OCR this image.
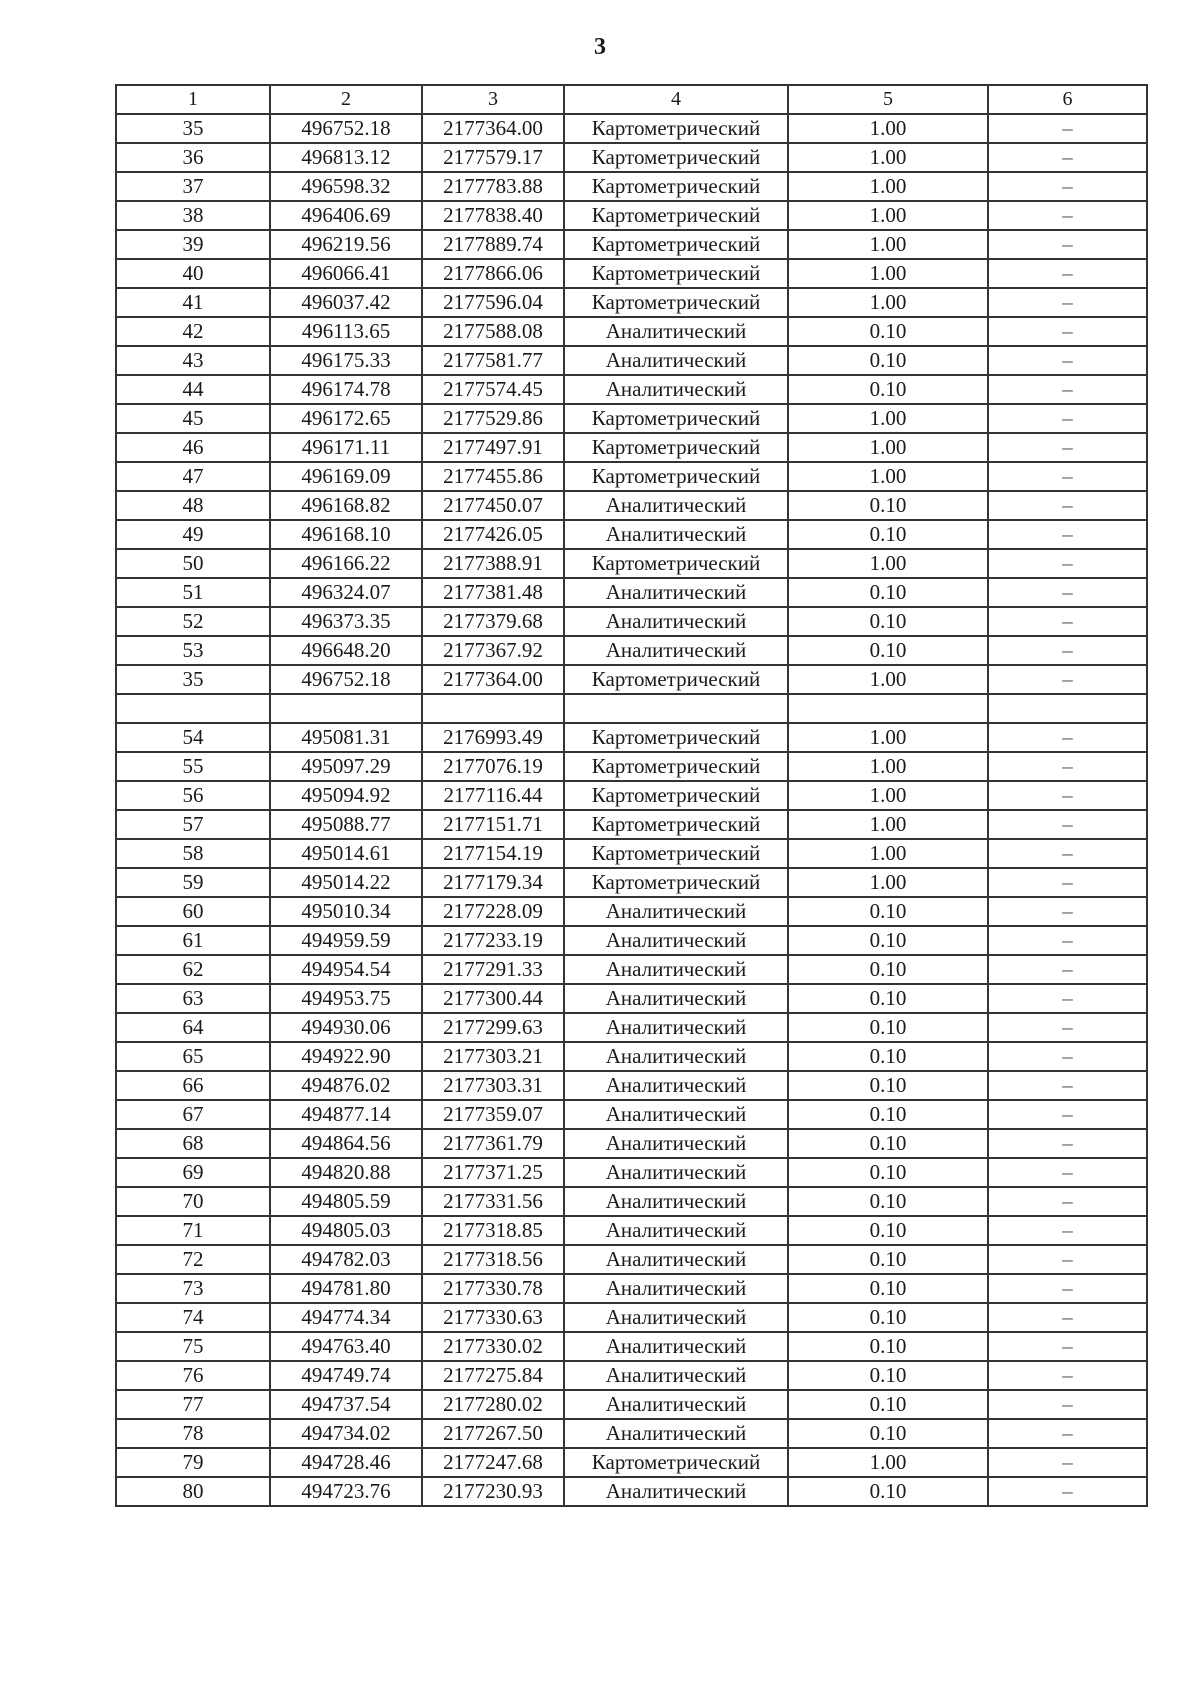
3
1	2	3	4	5	6
35	496752.18	2177364.00	Картометрический	1.00	–
36	496813.12	2177579.17	Картометрический	1.00	–
37	496598.32	2177783.88	Картометрический	1.00	–
38	496406.69	2177838.40	Картометрический	1.00	–
39	496219.56	2177889.74	Картометрический	1.00	–
40	496066.41	2177866.06	Картометрический	1.00	–
41	496037.42	2177596.04	Картометрический	1.00	–
42	496113.65	2177588.08	Аналитический	0.10	–
43	496175.33	2177581.77	Аналитический	0.10	–
44	496174.78	2177574.45	Аналитический	0.10	–
45	496172.65	2177529.86	Картометрический	1.00	–
46	496171.11	2177497.91	Картометрический	1.00	–
47	496169.09	2177455.86	Картометрический	1.00	–
48	496168.82	2177450.07	Аналитический	0.10	–
49	496168.10	2177426.05	Аналитический	0.10	–
50	496166.22	2177388.91	Картометрический	1.00	–
51	496324.07	2177381.48	Аналитический	0.10	–
52	496373.35	2177379.68	Аналитический	0.10	–
53	496648.20	2177367.92	Аналитический	0.10	–
35	496752.18	2177364.00	Картометрический	1.00	–

54	495081.31	2176993.49	Картометрический	1.00	–
55	495097.29	2177076.19	Картометрический	1.00	–
56	495094.92	2177116.44	Картометрический	1.00	–
57	495088.77	2177151.71	Картометрический	1.00	–
58	495014.61	2177154.19	Картометрический	1.00	–
59	495014.22	2177179.34	Картометрический	1.00	–
60	495010.34	2177228.09	Аналитический	0.10	–
61	494959.59	2177233.19	Аналитический	0.10	–
62	494954.54	2177291.33	Аналитический	0.10	–
63	494953.75	2177300.44	Аналитический	0.10	–
64	494930.06	2177299.63	Аналитический	0.10	–
65	494922.90	2177303.21	Аналитический	0.10	–
66	494876.02	2177303.31	Аналитический	0.10	–
67	494877.14	2177359.07	Аналитический	0.10	–
68	494864.56	2177361.79	Аналитический	0.10	–
69	494820.88	2177371.25	Аналитический	0.10	–
70	494805.59	2177331.56	Аналитический	0.10	–
71	494805.03	2177318.85	Аналитический	0.10	–
72	494782.03	2177318.56	Аналитический	0.10	–
73	494781.80	2177330.78	Аналитический	0.10	–
74	494774.34	2177330.63	Аналитический	0.10	–
75	494763.40	2177330.02	Аналитический	0.10	–
76	494749.74	2177275.84	Аналитический	0.10	–
77	494737.54	2177280.02	Аналитический	0.10	–
78	494734.02	2177267.50	Аналитический	0.10	–
79	494728.46	2177247.68	Картометрический	1.00	–
80	494723.76	2177230.93	Аналитический	0.10	–
